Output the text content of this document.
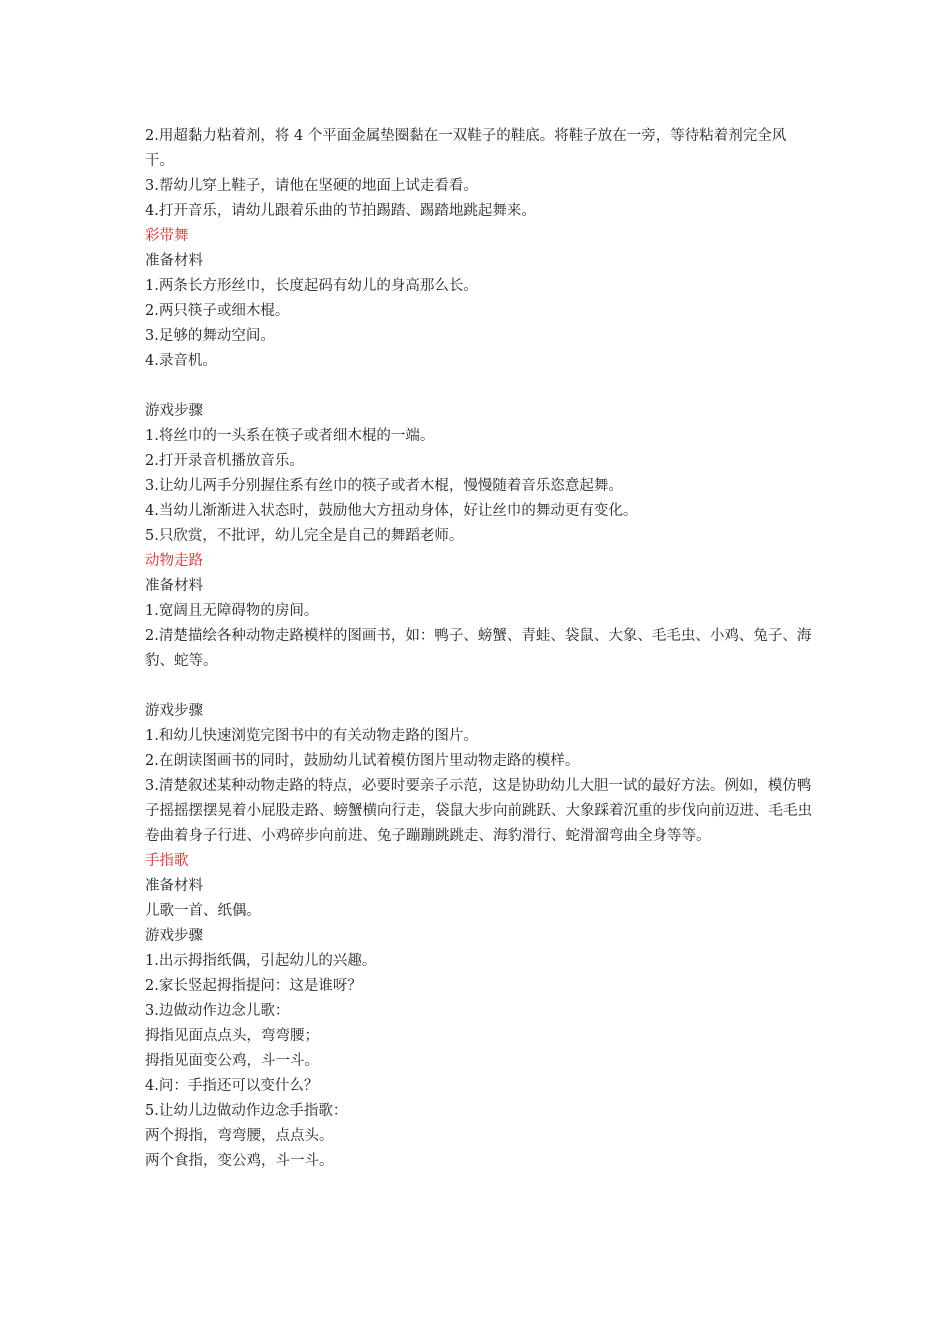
2.用超黏力粘着剂，将 4 个平面金属垫圈黏在一双鞋子的鞋底。将鞋子放在一旁，等待粘着剂完全风干。
3.帮幼儿穿上鞋子，请他在坚硬的地面上试走看看。
4.打开音乐，请幼儿跟着乐曲的节拍踢踏、踢踏地跳起舞来。
彩带舞
准备材料
1.两条长方形丝巾，长度起码有幼儿的身高那么长。
2.两只筷子或细木棍。
3.足够的舞动空间。
4.录音机。
游戏步骤
1.将丝巾的一头系在筷子或者细木棍的一端。
2.打开录音机播放音乐。
3.让幼儿两手分别握住系有丝巾的筷子或者木棍，慢慢随着音乐恣意起舞。
4.当幼儿渐渐进入状态时，鼓励他大方扭动身体，好让丝巾的舞动更有变化。
5.只欣赏，不批评，幼儿完全是自己的舞蹈老师。
动物走路
准备材料
1.宽阔且无障碍物的房间。
2.清楚描绘各种动物走路模样的图画书，如：鸭子、螃蟹、青蛙、袋鼠、大象、毛毛虫、小鸡、兔子、海豹、蛇等。
游戏步骤
1.和幼儿快速浏览完图书中的有关动物走路的图片。
2.在朗读图画书的同时，鼓励幼儿试着模仿图片里动物走路的模样。
3.清楚叙述某种动物走路的特点，必要时要亲子示范，这是协助幼儿大胆一试的最好方法。例如，模仿鸭子摇摇摆摆晃着小屁股走路、螃蟹横向行走，袋鼠大步向前跳跃、大象踩着沉重的步伐向前迈进、毛毛虫卷曲着身子行进、小鸡碎步向前进、兔子蹦蹦跳跳走、海豹滑行、蛇滑溜弯曲全身等等。
手指歌
准备材料
儿歌一首、纸偶。
游戏步骤
1.出示拇指纸偶，引起幼儿的兴趣。
2.家长竖起拇指提问：这是谁呀？
3.边做动作边念儿歌：
拇指见面点点头，弯弯腰；
拇指见面变公鸡，斗一斗。
4.问：手指还可以变什么？
5.让幼儿边做动作边念手指歌：
两个拇指，弯弯腰，点点头。
两个食指，变公鸡，斗一斗。
